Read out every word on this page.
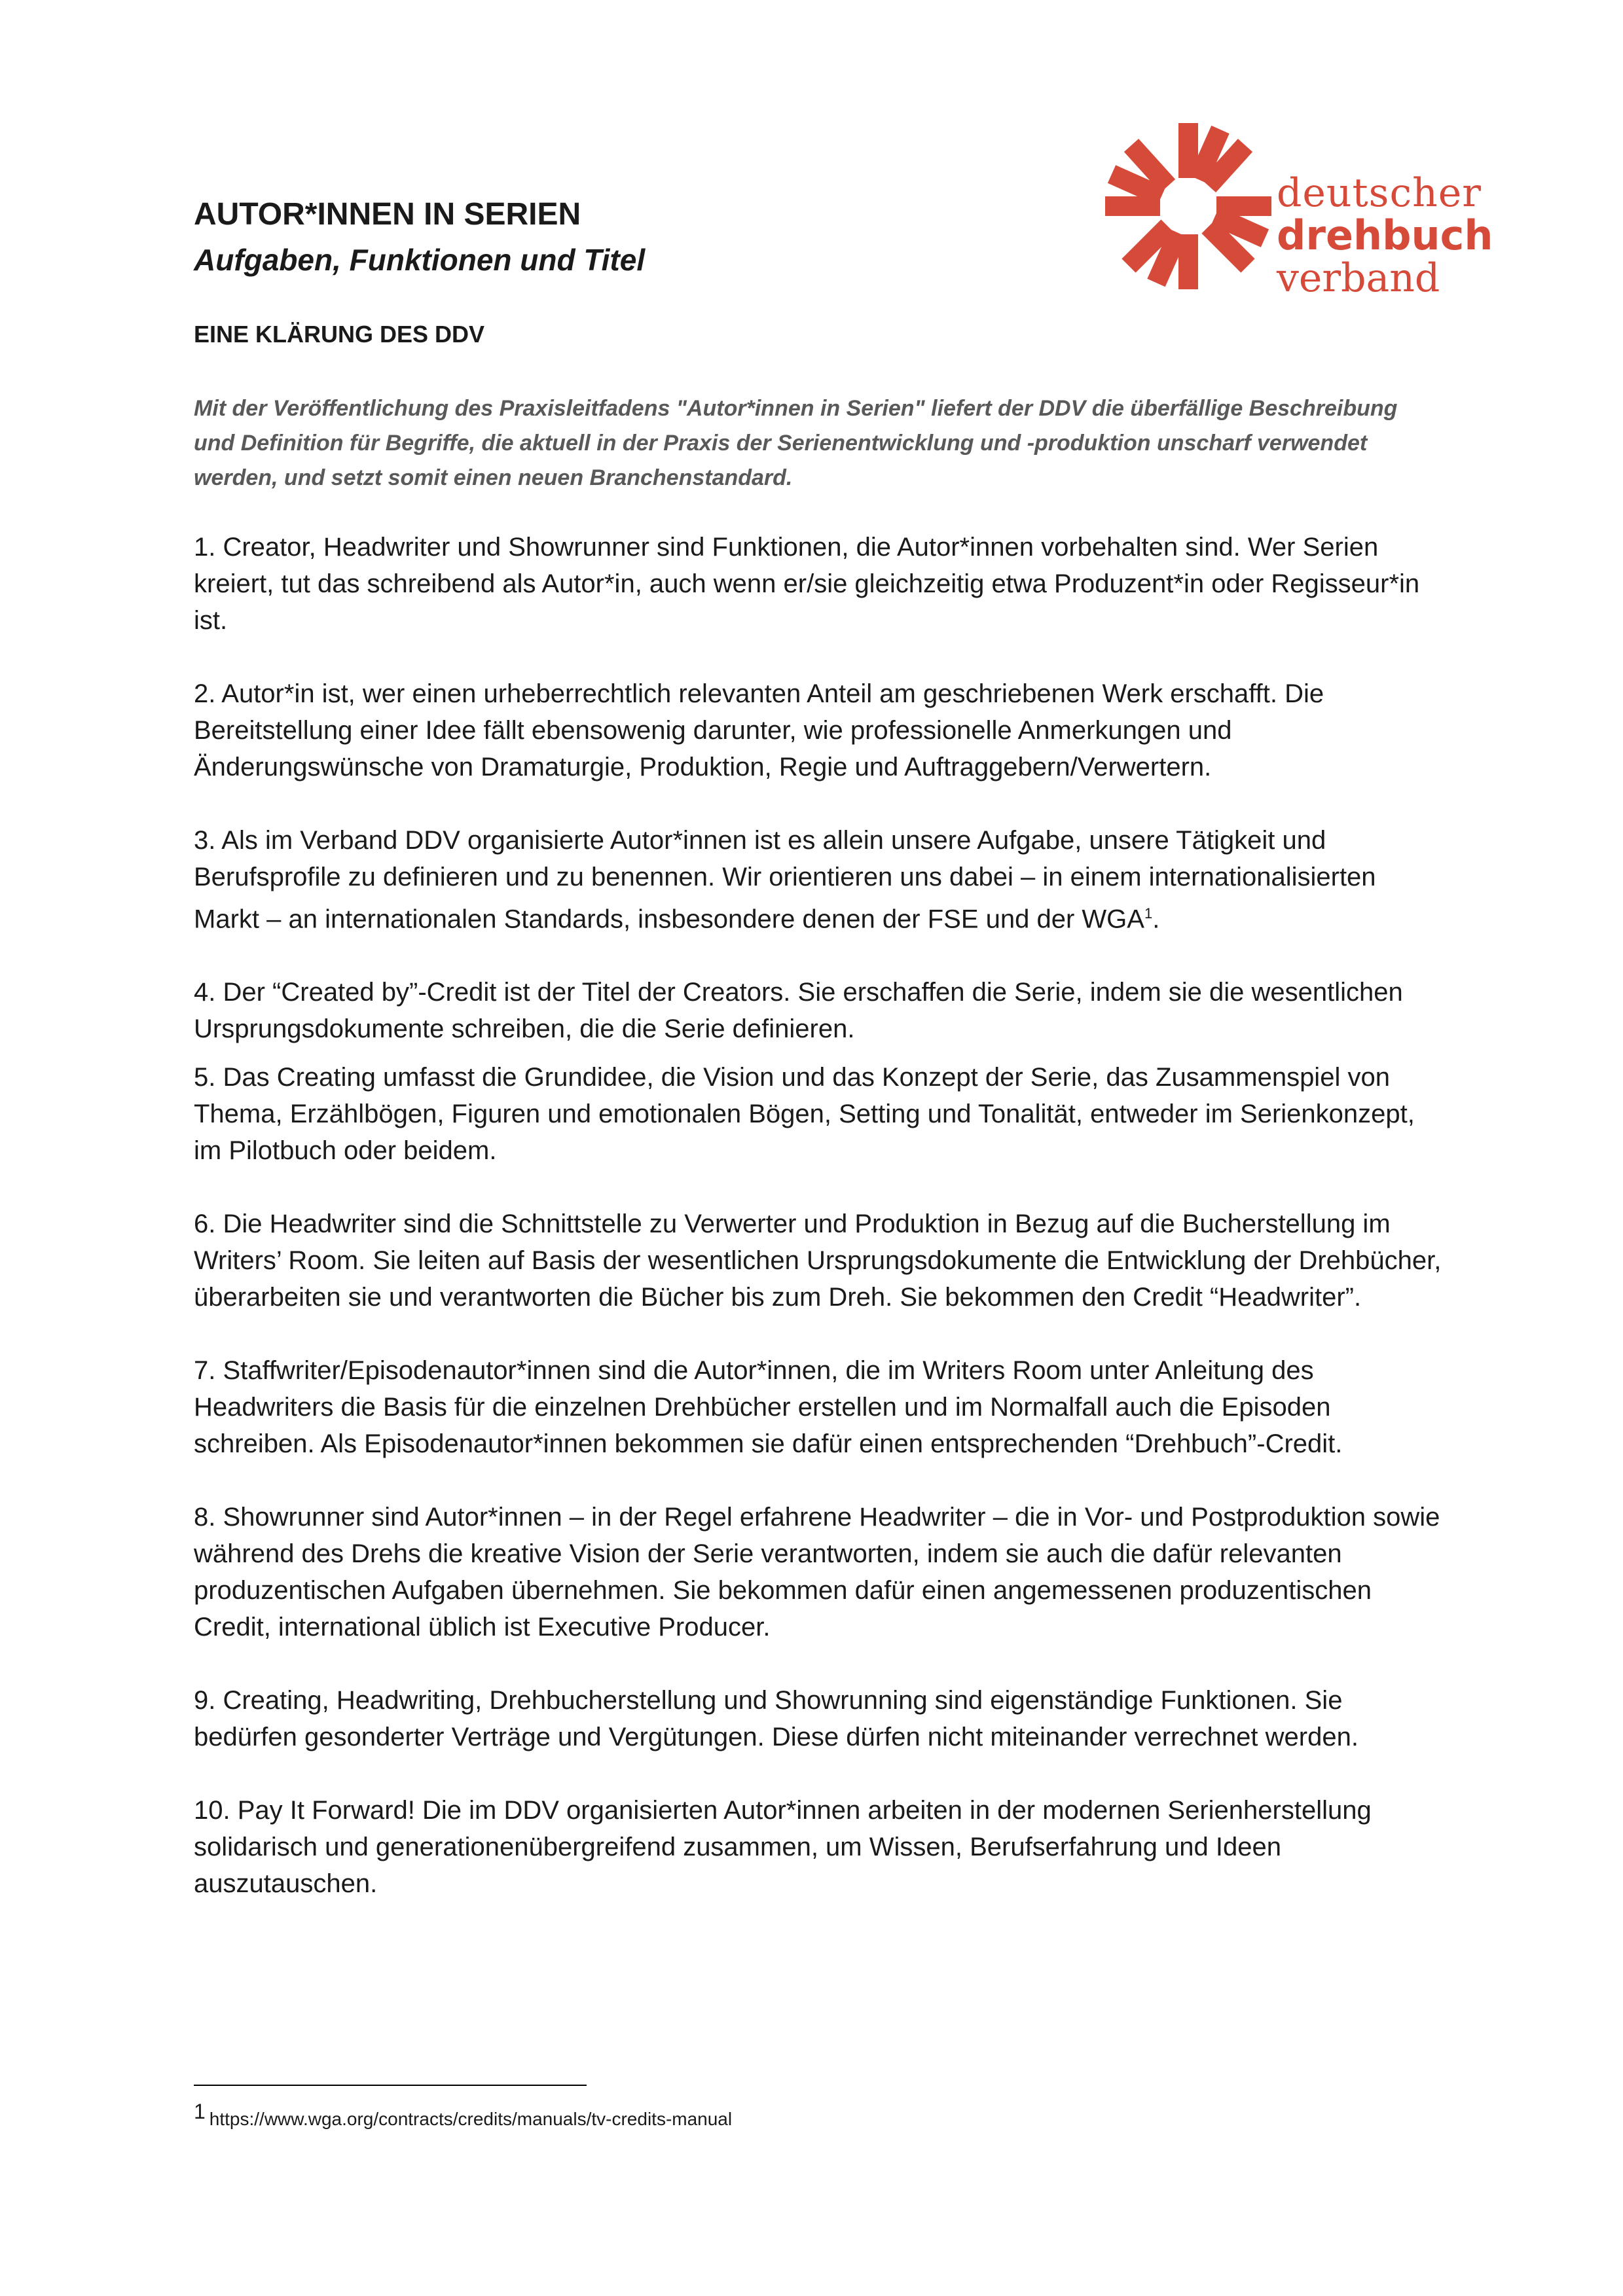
deutscher
drehbuch
verband
AUTOR*INNEN IN SERIEN
Aufgaben, Funktionen und Titel
EINE KLÄRUNG DES DDV

Mit der Veröffentlichung des Praxisleitfadens "Autor*innen in Serien" liefert der DDV die überfällige Beschreibung und Definition für Begriffe, die aktuell in der Praxis der Serienentwicklung und -produktion unscharf verwendet werden, und setzt somit einen neuen Branchenstandard.

1. Creator, Headwriter und Showrunner sind Funktionen, die Autor*innen vorbehalten sind. Wer Serien kreiert, tut das schreibend als Autor*in, auch wenn er/sie gleichzeitig etwa Produzent*in oder Regisseur*in ist.
2. Autor*in ist, wer einen urheberrechtlich relevanten Anteil am geschriebenen Werk erschafft. Die Bereitstellung einer Idee fällt ebensowenig darunter, wie professionelle Anmerkungen und Änderungswünsche von Dramaturgie, Produktion, Regie und Auftraggebern/Verwertern.
3. Als im Verband DDV organisierte Autor*innen ist es allein unsere Aufgabe, unsere Tätigkeit und Berufsprofile zu definieren und zu benennen. Wir orientieren uns dabei – in einem internationalisierten Markt – an internationalen Standards, insbesondere denen der FSE und der WGA$^1$.
4. Der “Created by”-Credit ist der Titel der Creators. Sie erschaffen die Serie, indem sie die wesentlichen Ursprungsdokumente schreiben, die die Serie definieren.
5. Das Creating umfasst die Grundidee, die Vision und das Konzept der Serie, das Zusammenspiel von Thema, Erzählbögen, Figuren und emotionalen Bögen, Setting und Tonalität, entweder im Serienkonzept, im Pilotbuch oder beidem.
6. Die Headwriter sind die Schnittstelle zu Verwerter und Produktion in Bezug auf die Bucherstellung im Writers’ Room. Sie leiten auf Basis der wesentlichen Ursprungsdokumente die Entwicklung der Drehbücher, überarbeiten sie und verantworten die Bücher bis zum Dreh. Sie bekommen den Credit “Headwriter”.
7. Staffwriter/Episodenautor*innen sind die Autor*innen, die im Writers Room unter Anleitung des Headwriters die Basis für die einzelnen Drehbücher erstellen und im Normalfall auch die Episoden schreiben. Als Episodenautor*innen bekommen sie dafür einen entsprechenden “Drehbuch”-Credit.
8. Showrunner sind Autor*innen – in der Regel erfahrene Headwriter – die in Vor- und Postproduktion sowie während des Drehs die kreative Vision der Serie verantworten, indem sie auch die dafür relevanten produzentischen Aufgaben übernehmen. Sie bekommen dafür einen angemessenen produzentischen Credit, international üblich ist Executive Producer.
9. Creating, Headwriting, Drehbucherstellung und Showrunning sind eigenständige Funktionen. Sie bedürfen gesonderter Verträge und Vergütungen. Diese dürfen nicht miteinander verrechnet werden.
10. Pay It Forward! Die im DDV organisierten Autor*innen arbeiten in der modernen Serienherstellung solidarisch und generationenübergreifend zusammen, um Wissen, Berufserfahrung und Ideen auszutauschen.
1 https://www.wga.org/contracts/credits/manuals/tv-credits-manual
